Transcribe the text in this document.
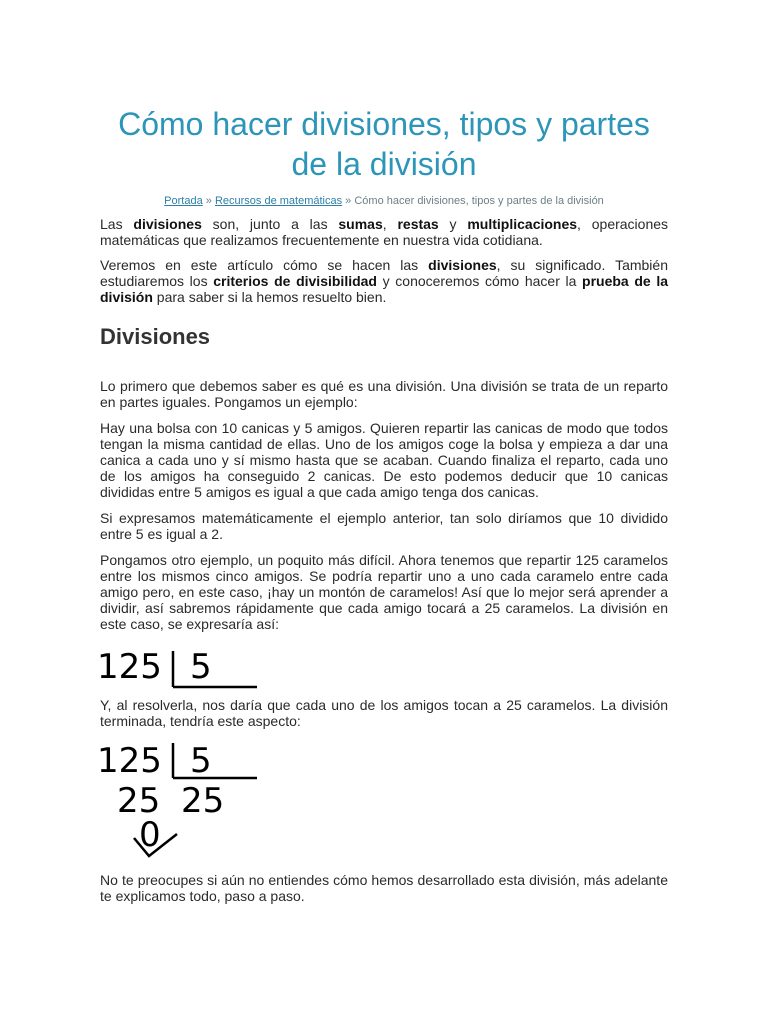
Cómo hacer divisiones, tipos y partes de la división
Portada » Recursos de matemáticas » Cómo hacer divisiones, tipos y partes de la división

Las divisiones son, junto a las sumas, restas y multiplicaciones, operaciones matemáticas que realizamos frecuentemente en nuestra vida cotidiana.

Veremos en este artículo cómo se hacen las divisiones, su significado. También estudiaremos los criterios de divisibilidad y conoceremos cómo hacer la prueba de la división para saber si la hemos resuelto bien.

Divisiones

Lo primero que debemos saber es qué es una división. Una división se trata de un reparto en partes iguales. Pongamos un ejemplo:

Hay una bolsa con 10 canicas y 5 amigos. Quieren repartir las canicas de modo que todos tengan la misma cantidad de ellas. Uno de los amigos coge la bolsa y empieza a dar una canica a cada uno y sí mismo hasta que se acaban. Cuando finaliza el reparto, cada uno de los amigos ha conseguido 2 canicas. De esto podemos deducir que 10 canicas divididas entre 5 amigos es igual a que cada amigo tenga dos canicas.

Si expresamos matemáticamente el ejemplo anterior, tan solo diríamos que 10 dividido entre 5 es igual a 2.

Pongamos otro ejemplo, un poquito más difícil. Ahora tenemos que repartir 125 caramelos entre los mismos cinco amigos. Se podría repartir uno a uno cada caramelo entre cada amigo pero, en este caso, ¡hay un montón de caramelos! Así que lo mejor será aprender a dividir, así sabremos rápidamente que cada amigo tocará a 25 caramelos. La división en este caso, se expresaría así:

125 5

Y, al resolverla, nos daría que cada uno de los amigos tocan a 25 caramelos. La división terminada, tendría este aspecto:

125 5
25 25
0

No te preocupes si aún no entiendes cómo hemos desarrollado esta división, más adelante te explicamos todo, paso a paso.
